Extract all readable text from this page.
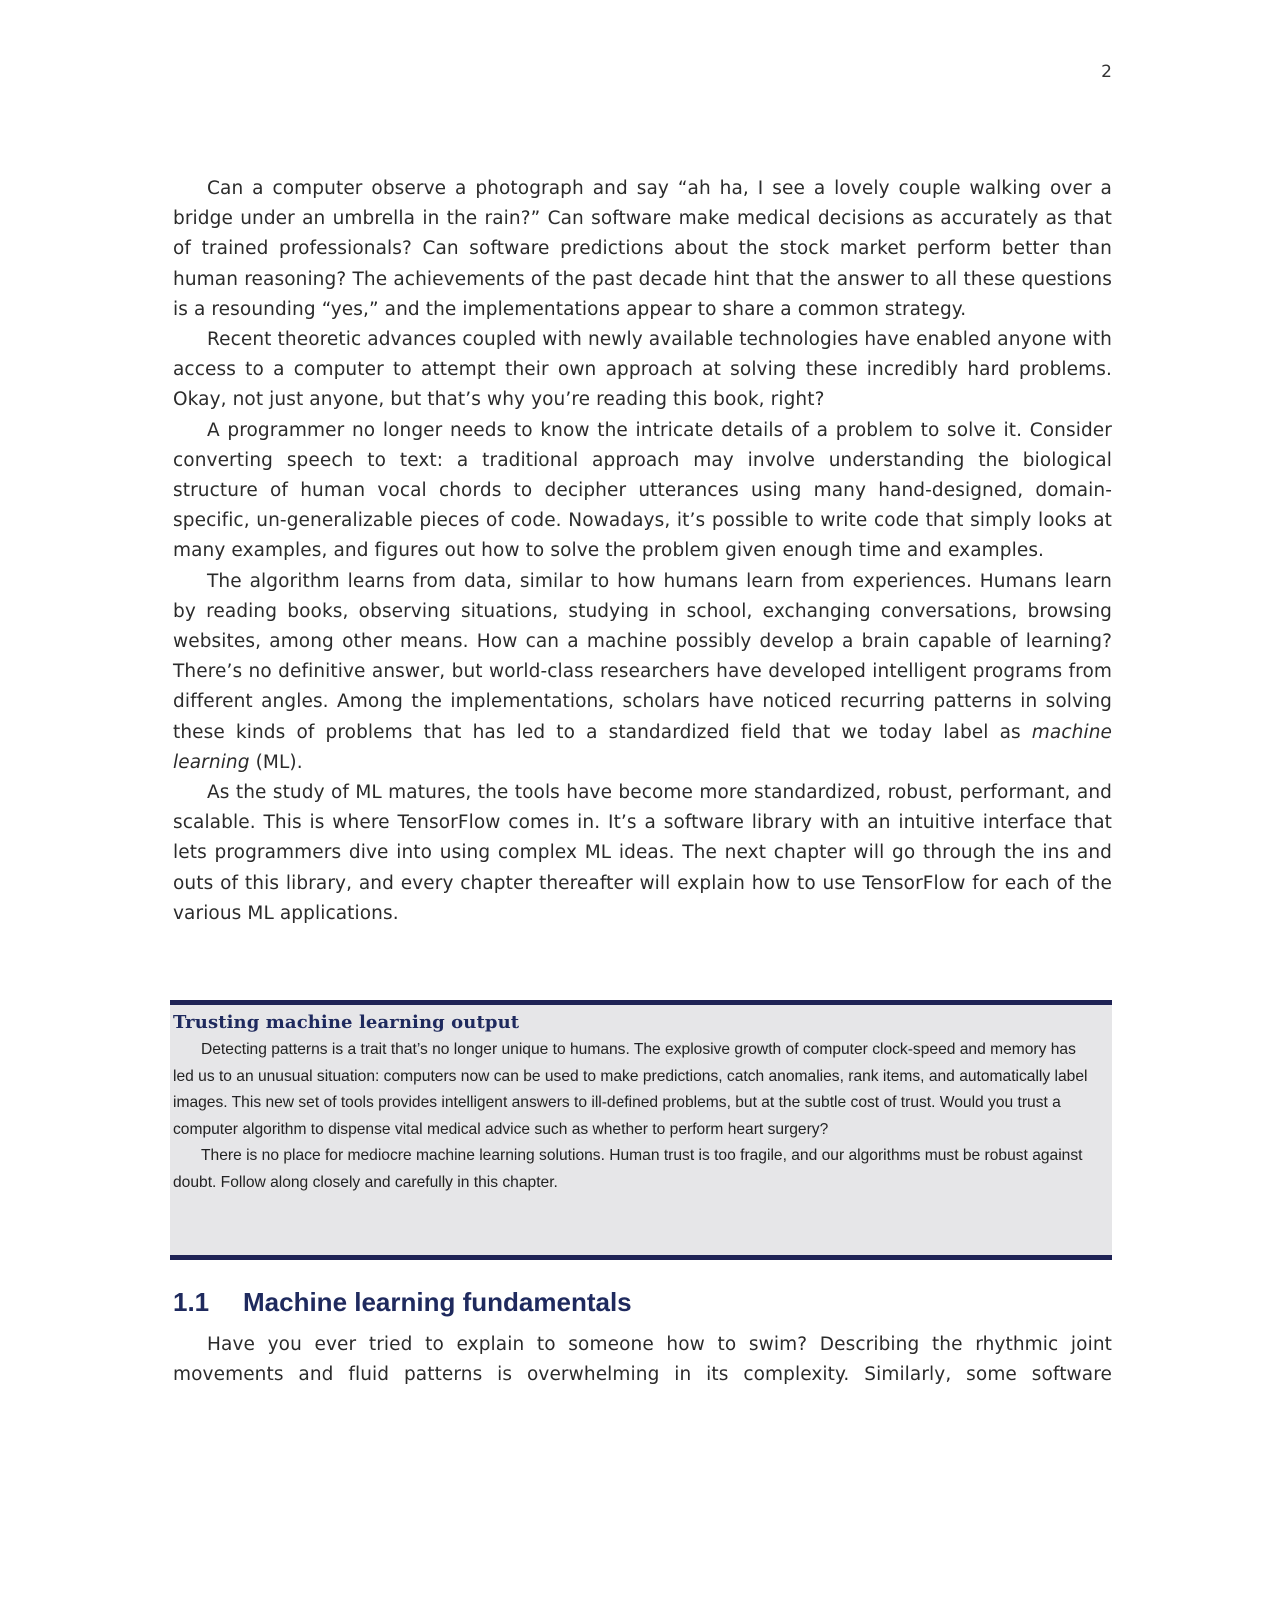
2

Can a computer observe a photograph and say “ah ha, I see a lovely couple walking over a bridge under an umbrella in the rain?” Can software make medical decisions as accurately as that of trained professionals? Can software predictions about the stock market perform better than human reasoning? The achievements of the past decade hint that the answer to all these questions is a resounding “yes,” and the implementations appear to share a common strategy.

Recent theoretic advances coupled with newly available technologies have enabled anyone with access to a computer to attempt their own approach at solving these incredibly hard problems. Okay, not just anyone, but that’s why you’re reading this book, right?

A programmer no longer needs to know the intricate details of a problem to solve it. Consider converting speech to text: a traditional approach may involve understanding the biological structure of human vocal chords to decipher utterances using many hand-designed, domain-specific, un-generalizable pieces of code. Nowadays, it’s possible to write code that simply looks at many examples, and figures out how to solve the problem given enough time and examples.

The algorithm learns from data, similar to how humans learn from experiences. Humans learn by reading books, observing situations, studying in school, exchanging conversations, browsing websites, among other means. How can a machine possibly develop a brain capable of learning? There’s no definitive answer, but world-class researchers have developed intelligent programs from different angles. Among the implementations, scholars have noticed recurring patterns in solving these kinds of problems that has led to a standardized field that we today label as machine learning (ML).

As the study of ML matures, the tools have become more standardized, robust, performant, and scalable. This is where TensorFlow comes in. It’s a software library with an intuitive interface that lets programmers dive into using complex ML ideas. The next chapter will go through the ins and outs of this library, and every chapter thereafter will explain how to use TensorFlow for each of the various ML applications.

Trusting machine learning output

Detecting patterns is a trait that’s no longer unique to humans. The explosive growth of computer clock-speed and memory has led us to an unusual situation: computers now can be used to make predictions, catch anomalies, rank items, and automatically label images. This new set of tools provides intelligent answers to ill-defined problems, but at the subtle cost of trust. Would you trust a computer algorithm to dispense vital medical advice such as whether to perform heart surgery?

There is no place for mediocre machine learning solutions. Human trust is too fragile, and our algorithms must be robust against doubt. Follow along closely and carefully in this chapter.

1.1 Machine learning fundamentals

Have you ever tried to explain to someone how to swim? Describing the rhythmic joint movements and fluid patterns is overwhelming in its complexity. Similarly, some software
